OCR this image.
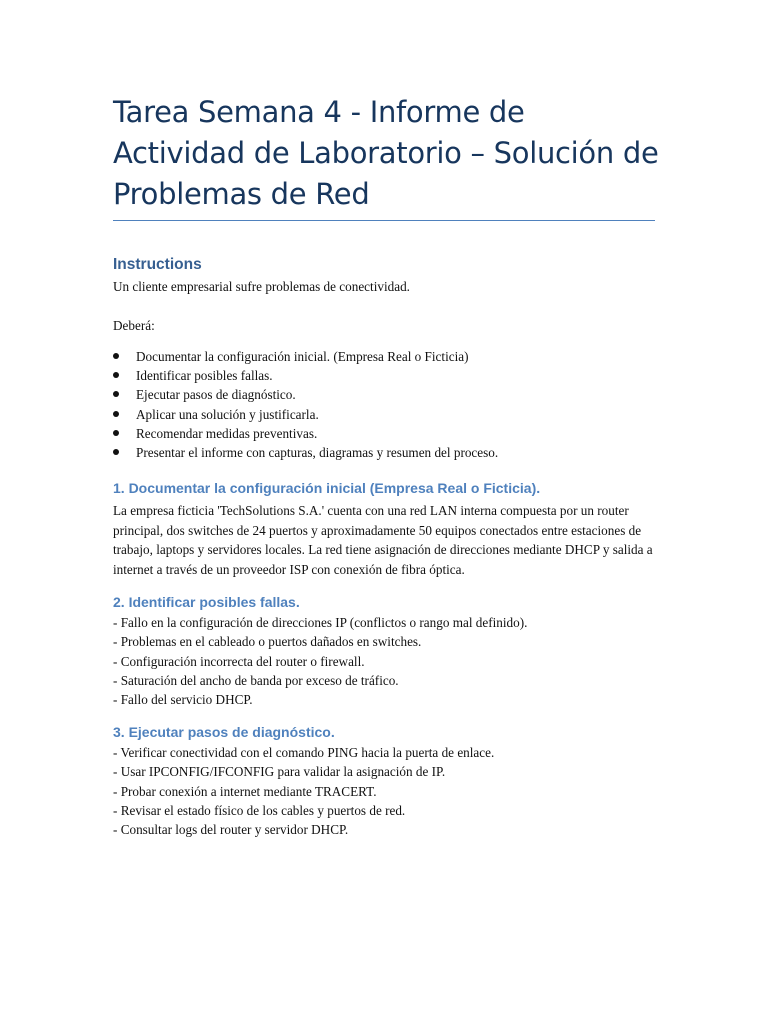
Tarea Semana 4 - Informe de Actividad de Laboratorio – Solución de Problemas de Red
Instructions

Un cliente empresarial sufre problemas de conectividad.

Deberá:

Documentar la configuración inicial. (Empresa Real o Ficticia)
Identificar posibles fallas.
Ejecutar pasos de diagnóstico.
Aplicar una solución y justificarla.
Recomendar medidas preventivas.
Presentar el informe con capturas, diagramas y resumen del proceso.
1. Documentar la configuración inicial (Empresa Real o Ficticia).

La empresa ficticia 'TechSolutions S.A.' cuenta con una red LAN interna compuesta por un router principal, dos switches de 24 puertos y aproximadamente 50 equipos conectados entre estaciones de trabajo, laptops y servidores locales. La red tiene asignación de direcciones mediante DHCP y salida a internet a través de un proveedor ISP con conexión de fibra óptica.

2. Identificar posibles fallas.
- Fallo en la configuración de direcciones IP (conflictos o rango mal definido).
- Problemas en el cableado o puertos dañados en switches.
- Configuración incorrecta del router o firewall.
- Saturación del ancho de banda por exceso de tráfico.
- Fallo del servicio DHCP.
3. Ejecutar pasos de diagnóstico.
- Verificar conectividad con el comando PING hacia la puerta de enlace.
- Usar IPCONFIG/IFCONFIG para validar la asignación de IP.
- Probar conexión a internet mediante TRACERT.
- Revisar el estado físico de los cables y puertos de red.
- Consultar logs del router y servidor DHCP.
